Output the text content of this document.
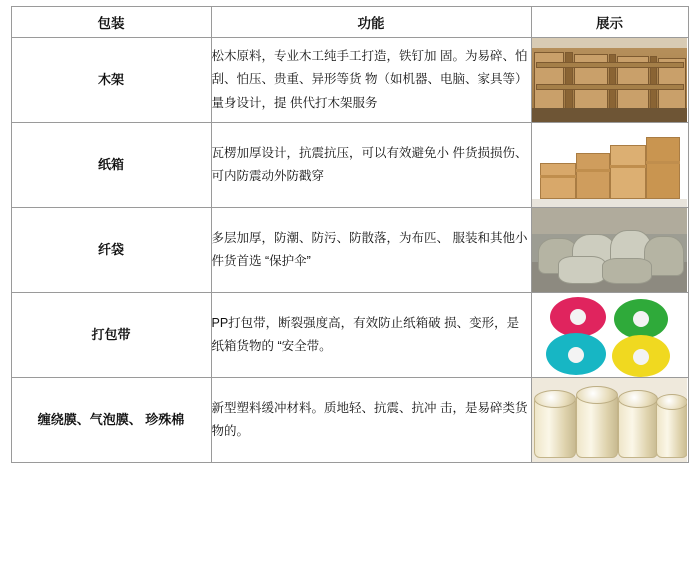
包装	功能	展示
木架	松木原料，专业木工纯手工打造，铁钉加 固。为易碎、怕刮、怕压、贵重、异形等货 物（如机器、电脑、家具等）量身设计，提 供代打木架服务	

纸箱	瓦楞加厚设计，抗震抗压，可以有效避免小 件货损损伤、可内防震动外防戳穿	

纤袋	多层加厚，防潮、防污、防散落，为布匹、 服装和其他小件货首选 “保护伞”	

打包带	PP打包带，断裂强度高，有效防止纸箱破 损、变形，是纸箱货物的 “安全带。	

缠绕膜、气泡膜、 珍殊棉	新型塑料缓冲材料。质地轻、抗震、抗冲 击，是易碎类货物的。	
